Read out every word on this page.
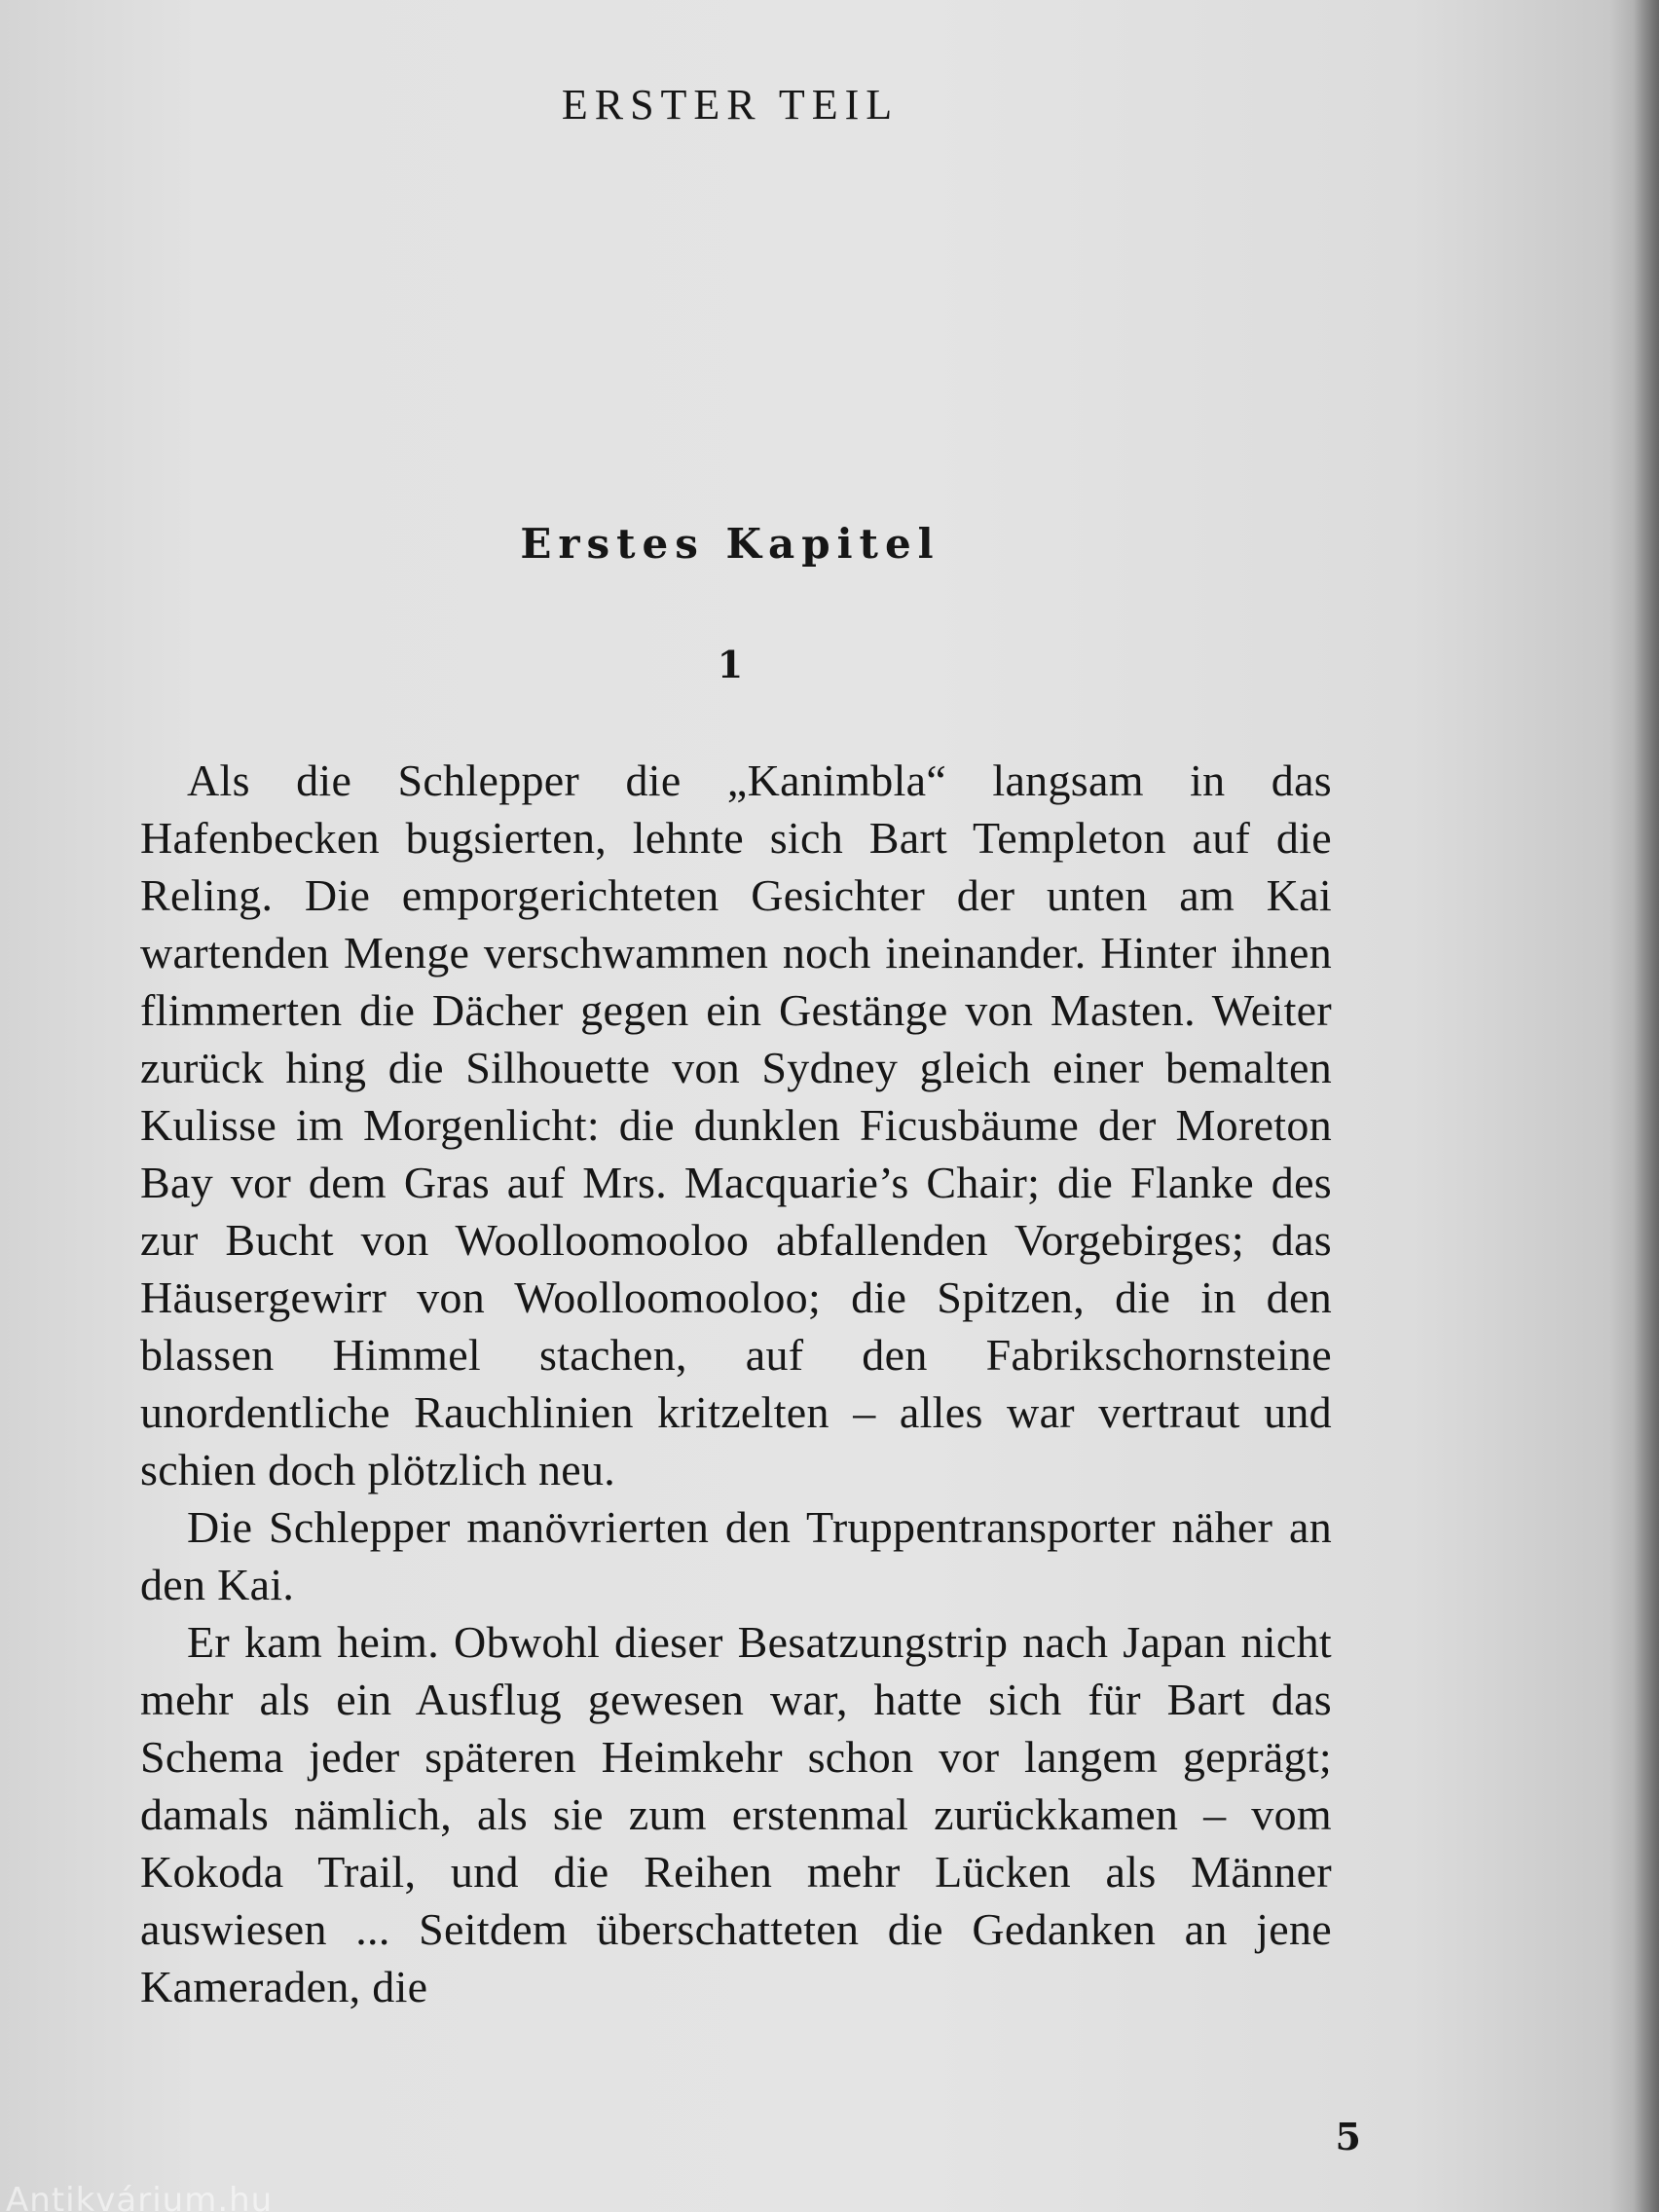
ERSTER TEIL
Erstes Kapitel
1

Als die Schlepper die „Kanimbla“ langsam in das Hafenbecken bugsierten, lehnte sich Bart Templeton auf die Reling. Die emporgerichteten Gesichter der unten am Kai wartenden Menge verschwammen noch ineinander. Hinter ihnen flimmerten die Dächer gegen ein Gestänge von Masten. Weiter zurück hing die Silhouette von Sydney gleich einer bemalten Kulisse im Morgenlicht: die dunklen Ficusbäume der Moreton Bay vor dem Gras auf Mrs. Macquarie’s Chair; die Flanke des zur Bucht von Woolloomooloo abfallenden Vorgebirges; das Häusergewirr von Woolloomooloo; die Spitzen, die in den blassen Himmel stachen, auf den Fabrikschornsteine unordentliche Rauchlinien kritzelten – alles war vertraut und schien doch plötzlich neu.

Die Schlepper manövrierten den Truppentransporter näher an den Kai.

Er kam heim. Obwohl dieser Besatzungstrip nach Japan nicht mehr als ein Ausflug gewesen war, hatte sich für Bart das Schema jeder späteren Heimkehr schon vor langem geprägt; damals nämlich, als sie zum erstenmal zurückkamen – vom Kokoda Trail, und die Reihen mehr Lücken als Männer auswiesen ... Seitdem überschatteten die Gedanken an jene Kameraden, die

5
Antikvárium.hu
